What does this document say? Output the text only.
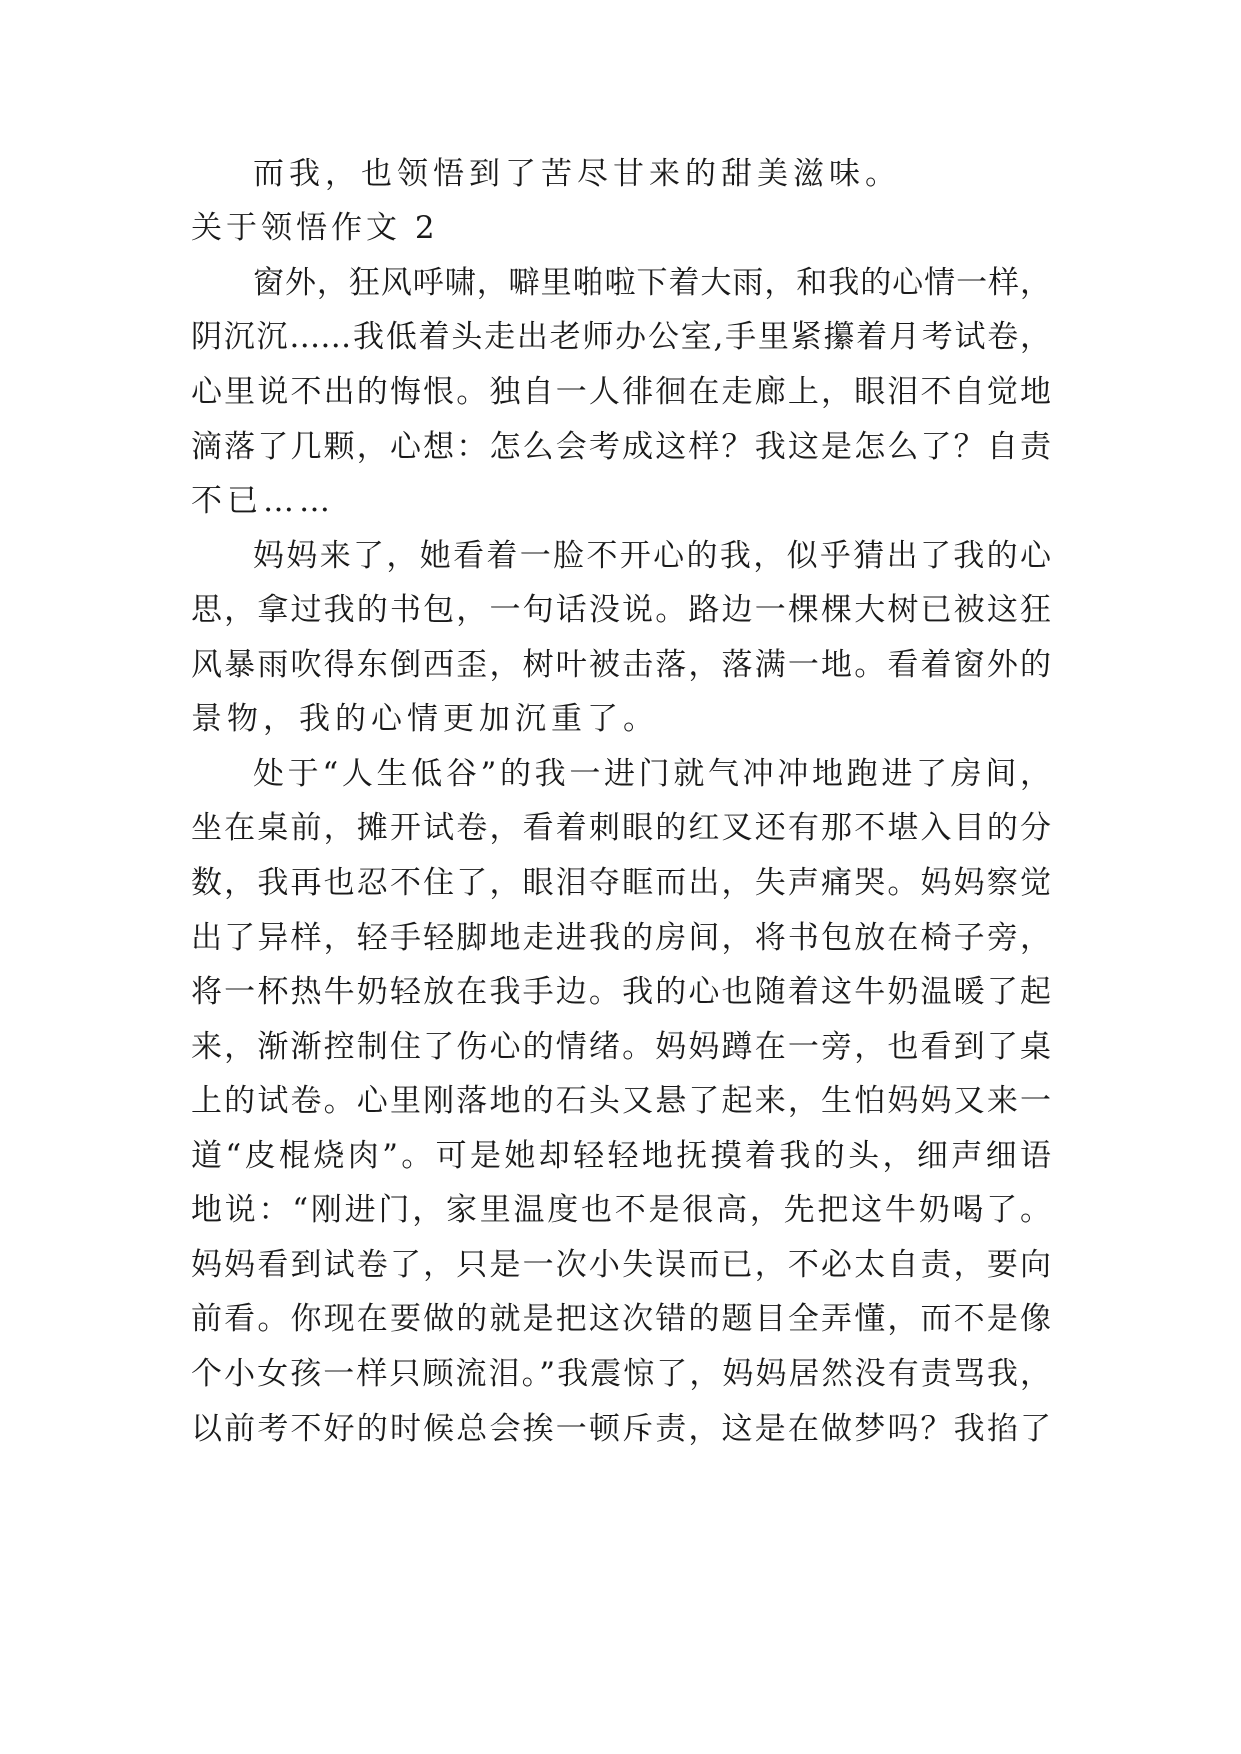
而我，也领悟到了苦尽甘来的甜美滋味。

关于领悟作文 2

窗外，狂风呼啸，噼里啪啦下着大雨，和我的心情一样，

阴沉沉……我低着头走出老师办公室,手里紧攥着月考试卷，

心里说不出的悔恨。独自一人徘徊在走廊上，眼泪不自觉地

滴落了几颗，心想：怎么会考成这样？我这是怎么了？自责

不已……

妈妈来了，她看着一脸不开心的我，似乎猜出了我的心

思，拿过我的书包，一句话没说。路边一棵棵大树已被这狂

风暴雨吹得东倒西歪，树叶被击落，落满一地。看着窗外的

景物，我的心情更加沉重了。

处于“人生低谷”的我一进门就气冲冲地跑进了房间，

坐在桌前，摊开试卷，看着刺眼的红叉还有那不堪入目的分

数，我再也忍不住了，眼泪夺眶而出，失声痛哭。妈妈察觉

出了异样，轻手轻脚地走进我的房间，将书包放在椅子旁，

将一杯热牛奶轻放在我手边。我的心也随着这牛奶温暖了起

来，渐渐控制住了伤心的情绪。妈妈蹲在一旁，也看到了桌

上的试卷。心里刚落地的石头又悬了起来，生怕妈妈又来一

道“皮棍烧肉”。可是她却轻轻地抚摸着我的头，细声细语

地说：“刚进门，家里温度也不是很高，先把这牛奶喝了。

妈妈看到试卷了，只是一次小失误而已，不必太自责，要向

前看。你现在要做的就是把这次错的题目全弄懂，而不是像

个小女孩一样只顾流泪。”我震惊了，妈妈居然没有责骂我，

以前考不好的时候总会挨一顿斥责，这是在做梦吗？我掐了
